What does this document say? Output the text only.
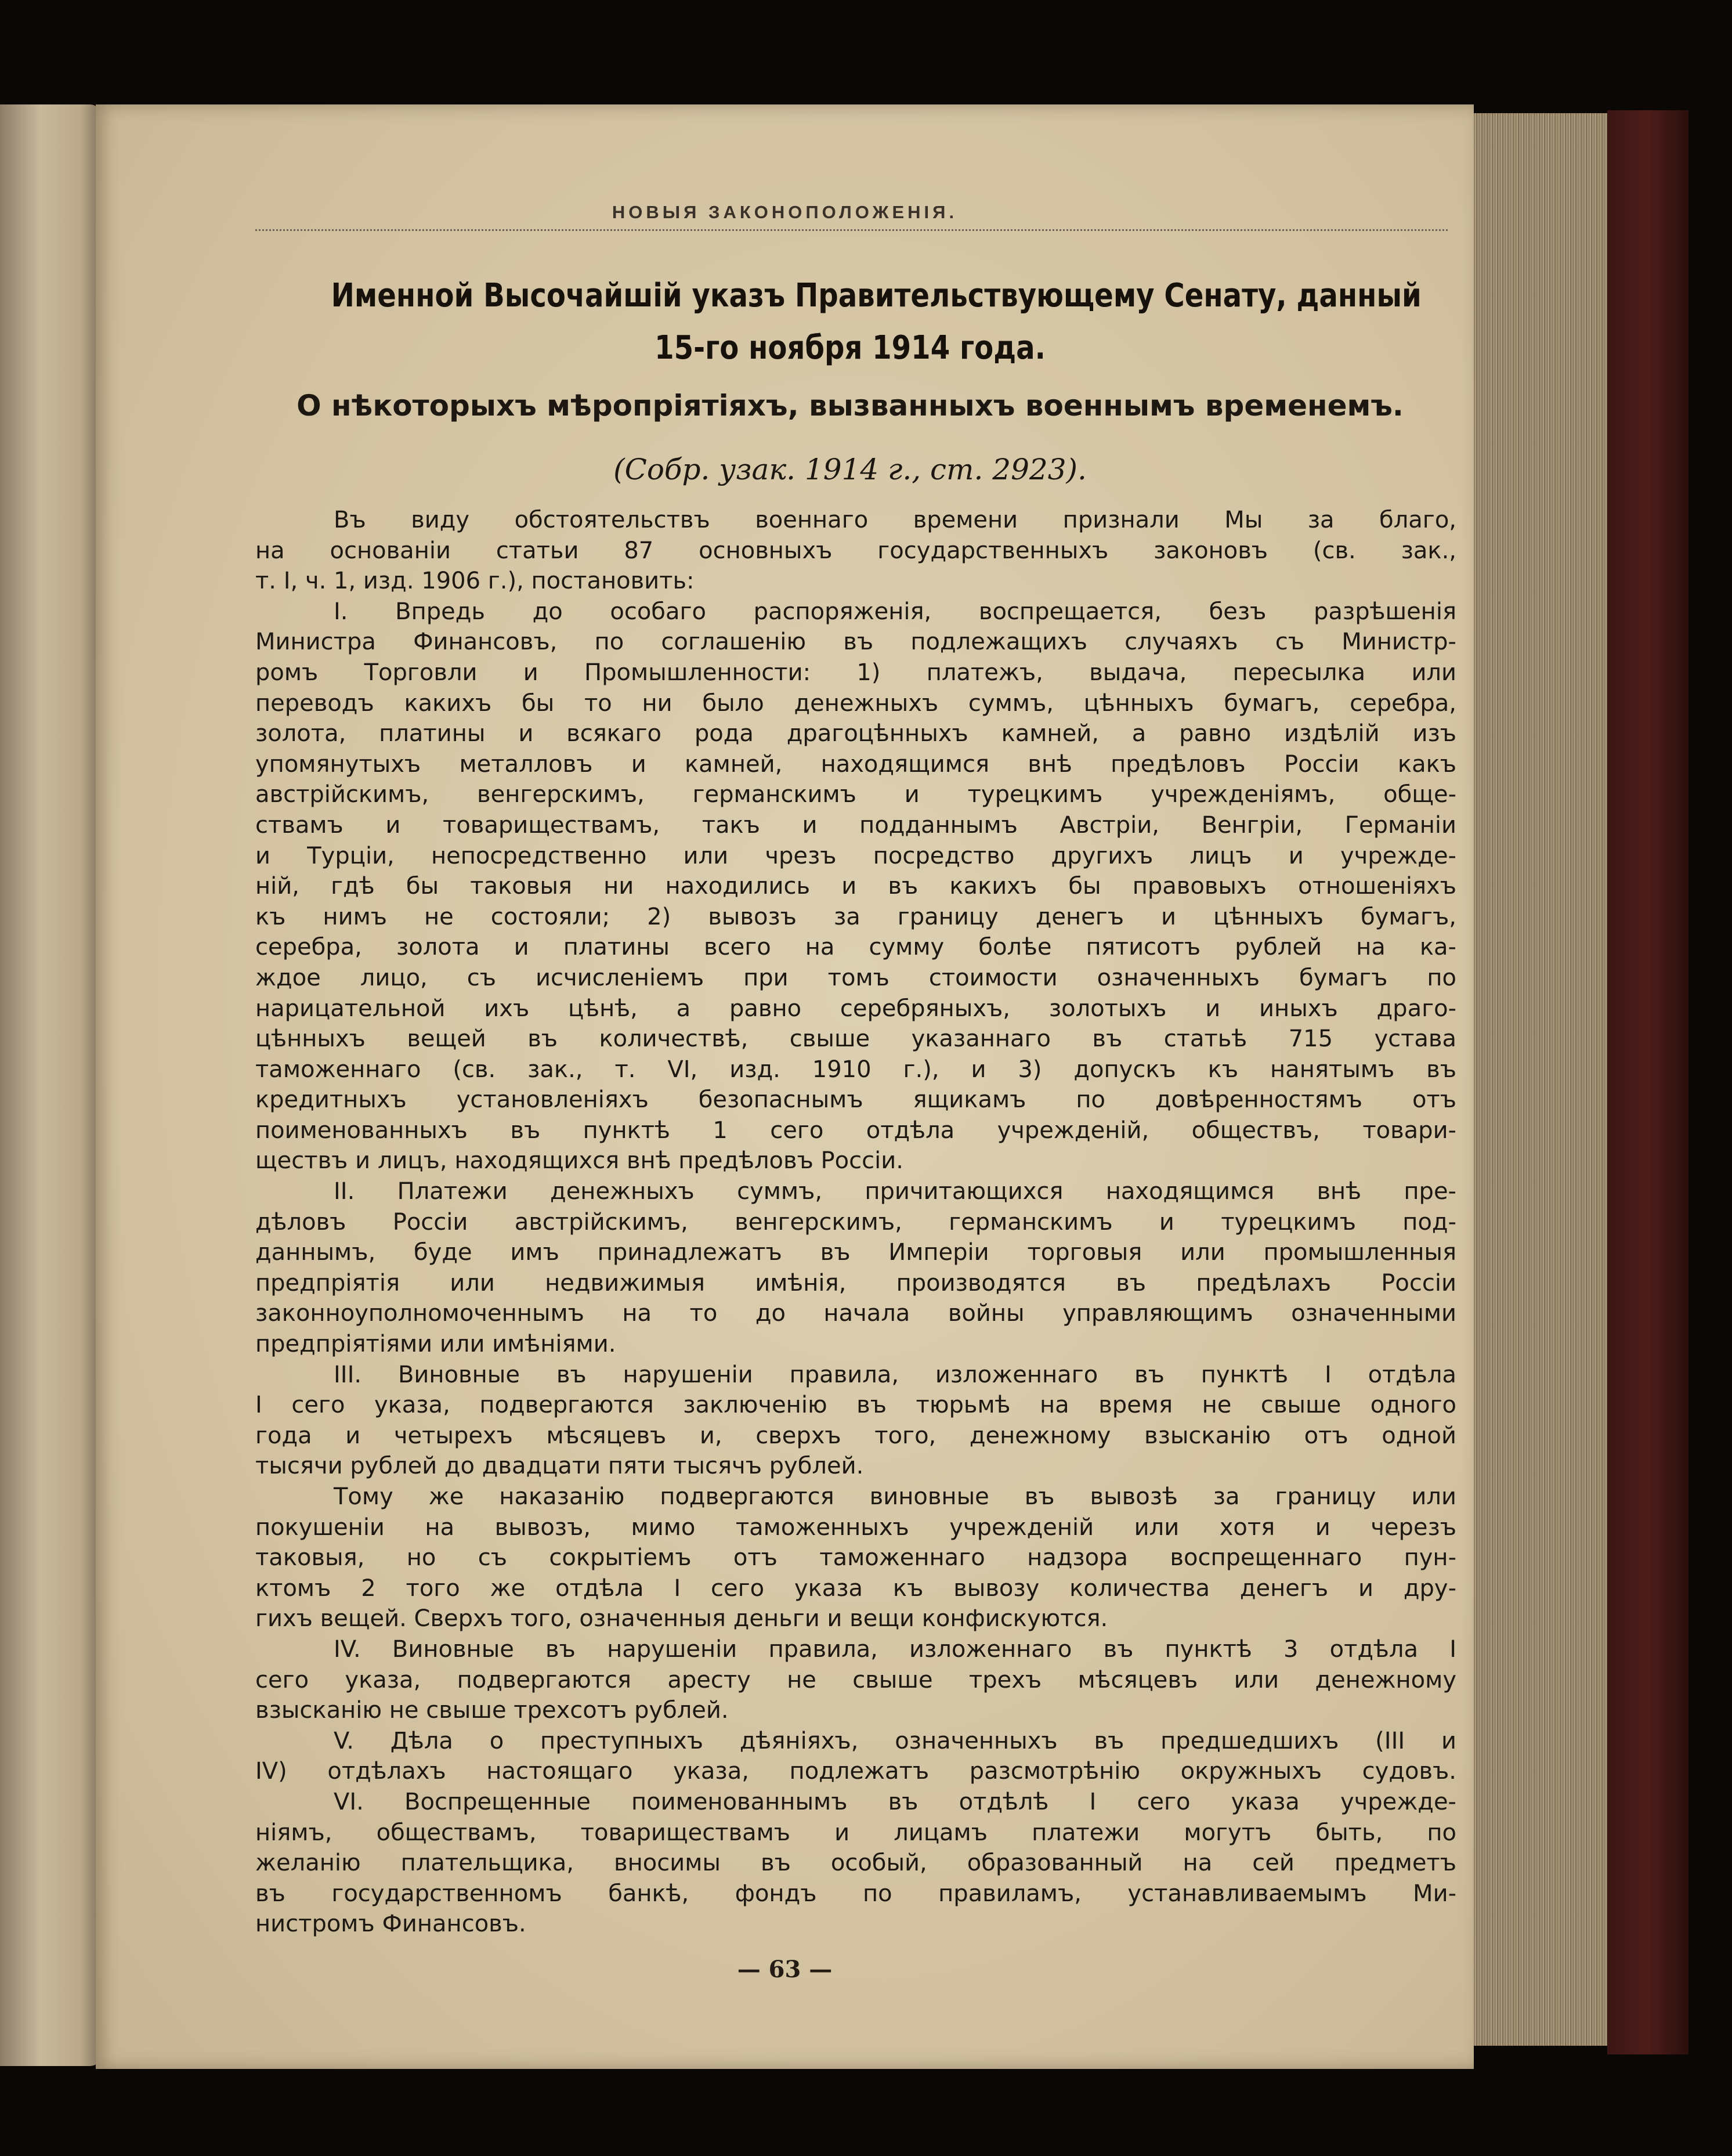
НОВЫЯ ЗАКОНОПОЛОЖЕНІЯ.
Именной Высочайшій указъ Правительствующему Сенату, данный
15-го ноября 1914 года.
О нѣкоторыхъ мѣропріятіяхъ, вызванныхъ военнымъ временемъ.
(Собр. узак. 1914 г., ст. 2923).
Въ виду обстоятельствъ военнаго времени признали Мы за благо,
на основаніи статьи 87 основныхъ государственныхъ законовъ (св. зак.,
т. I, ч. 1, изд. 1906 г.), постановить:
I. Впредь до особаго распоряженія, воспрещается, безъ разрѣшенія
Министра Финансовъ, по соглашенію въ подлежащихъ случаяхъ съ Министр-
ромъ Торговли и Промышленности: 1) платежъ, выдача, пересылка или
переводъ какихъ бы то ни было денежныхъ суммъ, цѣнныхъ бумагъ, серебра,
золота, платины и всякаго рода драгоцѣнныхъ камней, а равно издѣлій изъ
упомянутыхъ металловъ и камней, находящимся внѣ предѣловъ Россіи какъ
австрійскимъ, венгерскимъ, германскимъ и турецкимъ учрежденіямъ, обще-
ствамъ и товариществамъ, такъ и подданнымъ Австріи, Венгріи, Германіи
и Турціи, непосредственно или чрезъ посредство другихъ лицъ и учрежде-
ній, гдѣ бы таковыя ни находились и въ какихъ бы правовыхъ отношеніяхъ
къ нимъ не состояли; 2) вывозъ за границу денегъ и цѣнныхъ бумагъ,
серебра, золота и платины всего на сумму болѣе пятисотъ рублей на ка-
ждое лицо, съ исчисленіемъ при томъ стоимости означенныхъ бумагъ по
нарицательной ихъ цѣнѣ, а равно серебряныхъ, золотыхъ и иныхъ драго-
цѣнныхъ вещей въ количествѣ, свыше указаннаго въ статьѣ 715 устава
таможеннаго (св. зак., т. VI, изд. 1910 г.), и 3) допускъ къ нанятымъ въ
кредитныхъ установленіяхъ безопаснымъ ящикамъ по довѣренностямъ отъ
поименованныхъ въ пунктѣ 1 сего отдѣла учрежденій, обществъ, товари-
ществъ и лицъ, находящихся внѣ предѣловъ Россіи.
II. Платежи денежныхъ суммъ, причитающихся находящимся внѣ пре-
дѣловъ Россіи австрійскимъ, венгерскимъ, германскимъ и турецкимъ под-
даннымъ, буде имъ принадлежатъ въ Имперіи торговыя или промышленныя
предпріятія или недвижимыя имѣнія, производятся въ предѣлахъ Россіи
законноуполномоченнымъ на то до начала войны управляющимъ означенными
предпріятіями или имѣніями.
III. Виновные въ нарушеніи правила, изложеннаго въ пунктѣ I отдѣла
I сего указа, подвергаются заключенію въ тюрьмѣ на время не свыше одного
года и четырехъ мѣсяцевъ и, сверхъ того, денежному взысканію отъ одной
тысячи рублей до двадцати пяти тысячъ рублей.
Тому же наказанію подвергаются виновные въ вывозѣ за границу или
покушеніи на вывозъ, мимо таможенныхъ учрежденій или хотя и черезъ
таковыя, но съ сокрытіемъ отъ таможеннаго надзора воспрещеннаго пун-
ктомъ 2 того же отдѣла I сего указа къ вывозу количества денегъ и дру-
гихъ вещей. Сверхъ того, означенныя деньги и вещи конфискуются.
IV. Виновные въ нарушеніи правила, изложеннаго въ пунктѣ 3 отдѣла I
сего указа, подвергаются аресту не свыше трехъ мѣсяцевъ или денежному
взысканію не свыше трехсотъ рублей.
V. Дѣла о преступныхъ дѣяніяхъ, означенныхъ въ предшедшихъ (III и
IV) отдѣлахъ настоящаго указа, подлежатъ разсмотрѣнію окружныхъ судовъ.
VI. Воспрещенные поименованнымъ въ отдѣлѣ I сего указа учрежде-
ніямъ, обществамъ, товариществамъ и лицамъ платежи могутъ быть, по
желанію плательщика, вносимы въ особый, образованный на сей предметъ
въ государственномъ банкѣ, фондъ по правиламъ, устанавливаемымъ Ми-
нистромъ Финансовъ.
— 63 —
